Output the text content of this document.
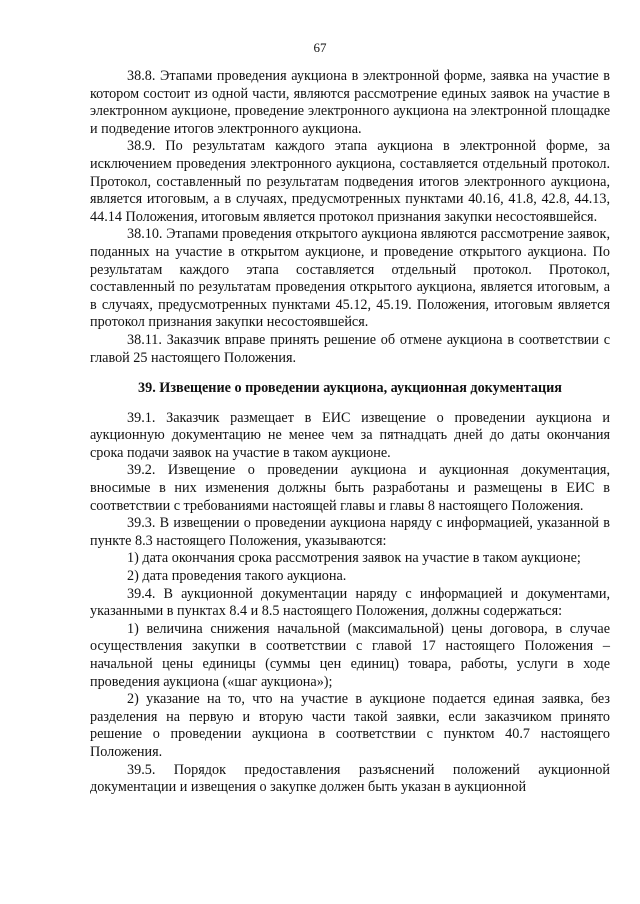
67

38.8. Этапами проведения аукциона в электронной форме, заявка на участие в котором состоит из одной части, являются рассмотрение единых заявок на участие в электронном аукционе, проведение электронного аукциона на электронной площадке и подведение итогов электронного аукциона.

38.9. По результатам каждого этапа аукциона в электронной форме, за исключением проведения электронного аукциона, составляется отдельный протокол. Протокол, составленный по результатам подведения итогов электронного аукциона, является итоговым, а в случаях, предусмотренных пунктами 40.16, 41.8, 42.8, 44.13, 44.14 Положения, итоговым является протокол признания закупки несостоявшейся.

38.10. Этапами проведения открытого аукциона являются рассмотрение заявок, поданных на участие в открытом аукционе, и проведение открытого аукциона. По результатам каждого этапа составляется отдельный протокол. Протокол, составленный по результатам проведения открытого аукциона, является итоговым, а в случаях, предусмотренных пунктами 45.12, 45.19. Положения, итоговым является протокол признания закупки несостоявшейся.

38.11. Заказчик вправе принять решение об отмене аукциона в соответствии с главой 25 настоящего Положения.

39. Извещение о проведении аукциона, аукционная документация

39.1. Заказчик размещает в ЕИС извещение о проведении аукциона и аукционную документацию не менее чем за пятнадцать дней до даты окончания срока подачи заявок на участие в таком аукционе.

39.2. Извещение о проведении аукциона и аукционная документация, вносимые в них изменения должны быть разработаны и размещены в ЕИС в соответствии с требованиями настоящей главы и главы 8 настоящего Положения.

39.3. В извещении о проведении аукциона наряду с информацией, указанной в пункте 8.3 настоящего Положения, указываются:

1) дата окончания срока рассмотрения заявок на участие в таком аукционе;

2) дата проведения такого аукциона.

39.4. В аукционной документации наряду с информацией и документами, указанными в пунктах 8.4 и 8.5 настоящего Положения, должны содержаться:

1) величина снижения начальной (максимальной) цены договора, в случае осуществления закупки в соответствии с главой 17 настоящего Положения – начальной цены единицы (суммы цен единиц) товара, работы, услуги в ходе проведения аукциона («шаг аукциона»);

2) указание на то, что на участие в аукционе подается единая заявка, без разделения на первую и вторую части такой заявки, если заказчиком принято решение о проведении аукциона в соответствии с пунктом 40.7 настоящего Положения.

39.5. Порядок предоставления разъяснений положений аукционной документации и извещения о закупке должен быть указан в аукционной
